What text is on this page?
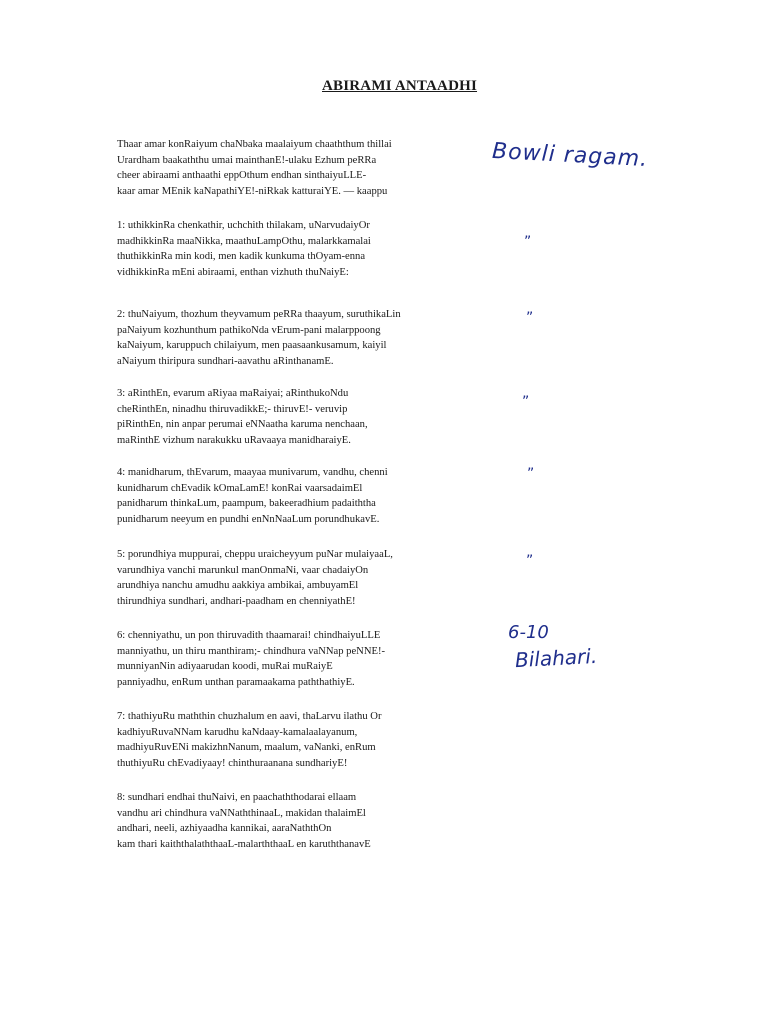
ABIRAMI ANTAADHI
Thaar amar konRaiyum chaNbaka maalaiyum chaaththum thillai
Urardham baakaththu umai mainthanE!-ulaku Ezhum peRRa
cheer abiraami anthaathi eppOthum endhan sinthaiyuLLE-
kaar amar MEnik kaNapathiYE!-niRkak katturaiYE. — kaappu
1: uthikkinRa chenkathir, uchchith thilakam, uNarvudaiyOr
madhikkinRa maaNikka, maathuLampOthu, malarkkamalai
thuthikkinRa min kodi, men kadik kunkuma thOyam-enna
vidhikkinRa mEni abiraami, enthan vizhuth thuNaiyE:
2: thuNaiyum, thozhum theyvamum peRRa thaayum, suruthikaLin
paNaiyum kozhunthum pathikoNda vErum-pani malarppoong
kaNaiyum, karuppuch chilaiyum, men paasaankusamum, kaiyil
aNaiyum thiripura sundhari-aavathu aRinthanamE.
3: aRinthEn, evarum aRiyaa maRaiyai; aRinthukoNdu
cheRinthEn, ninadhu thiruvadikkE;- thiruvE!- veruvip
piRinthEn, nin anpar perumai eNNaatha karuma nenchaan,
maRinthE vizhum narakukku uRavaaya manidharaiyE.
4: manidharum, thEvarum, maayaa munivarum, vandhu, chenni
kunidharum chEvadik kOmaLamE! konRai vaarsadaimEl
panidharum thinkaLum, paampum, bakeeradhium padaiththa
punidharum neeyum en pundhi enNnNaaLum porundhukavE.
5: porundhiya muppurai, cheppu uraicheyyum puNar mulaiyaaL,
varundhiya vanchi marunkul manOnmaNi, vaar chadaiyOn
arundhiya nanchu amudhu aakkiya ambikai, ambuyamEl
thirundhiya sundhari, andhari-paadham en chenniyathE!
6: chenniyathu, un pon thiruvadith thaamarai! chindhaiyuLLE
manniyathu, un thiru manthiram;- chindhura vaNNap peNNE!-
munniyanNin adiyaarudan koodi, muRai muRaiyE
panniyadhu, enRum unthan paramaakama paththathiyE.
7: thathiyuRu maththin chuzhalum en aavi, thaLarvu ilathu Or
kadhiyuRuvaNNam karudhu kaNdaay-kamalaalayanum,
madhiyuRuvENi makizhnNanum, maalum, vaNanki, enRum
thuthiyuRu chEvadiyaay! chinthuraanana sundhariyE!
8: sundhari endhai thuNaivi, en paachaththodarai ellaam
vandhu ari chindhura vaNNaththinaaL, makidan thalaimEl
andhari, neeli, azhiyaadha kannikai, aaraNaththOn
kam thari kaiththalaththaaL-malarththaaL en karuththanavE
Bowli ragam.
”
”
”
”
”
6-10
Bilahari.
